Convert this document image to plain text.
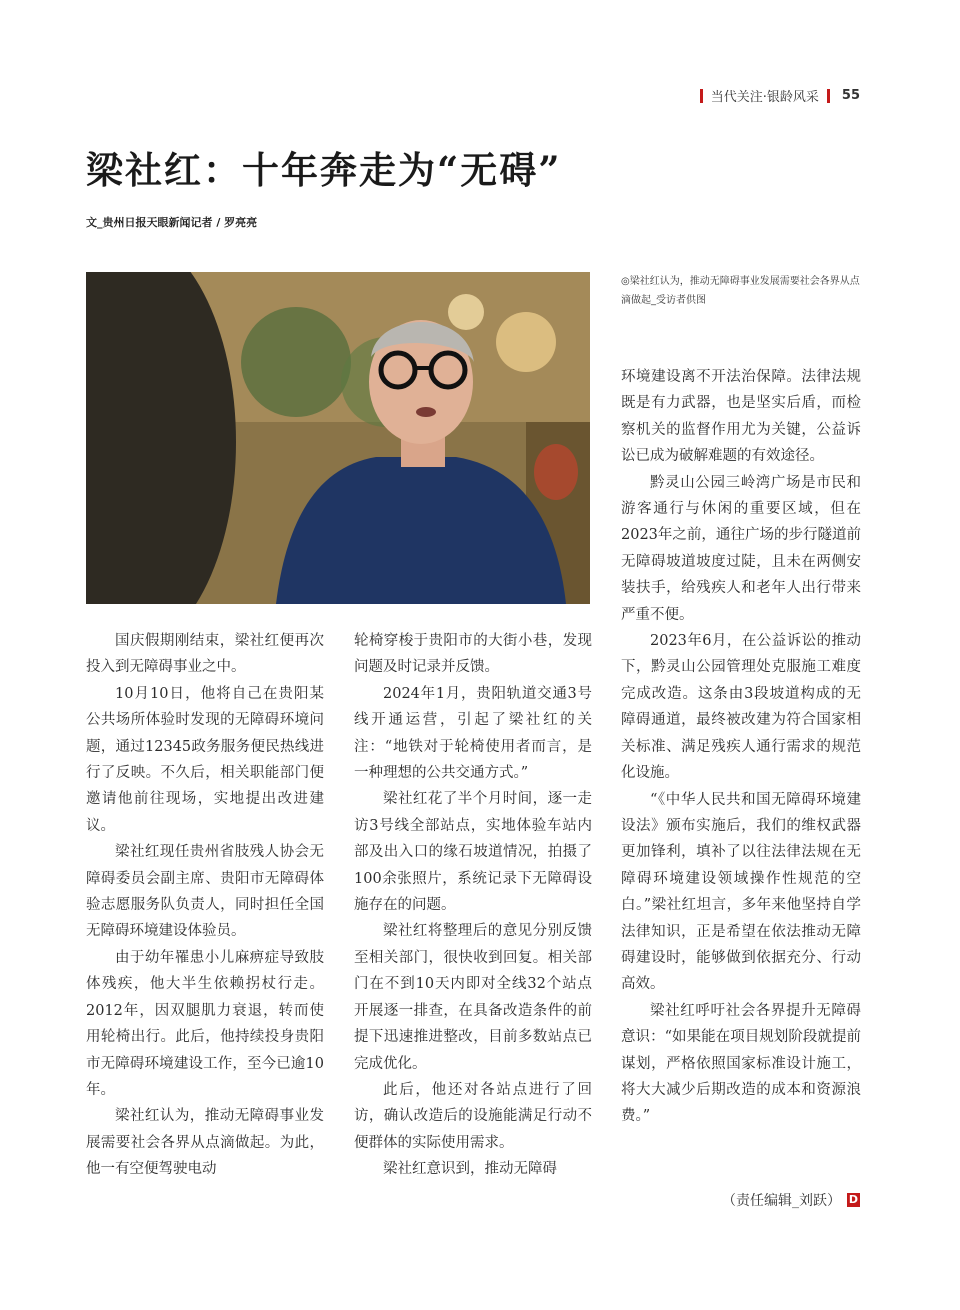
当代关注·银龄风采 55
梁社红：十年奔走为“无碍”
文_贵州日报天眼新闻记者 / 罗亮亮
◎梁社红认为，推动无障碍事业发展需要社会各界从点滴做起_受访者供图

国庆假期刚结束，梁社红便再次投入到无障碍事业之中。

10月10日，他将自己在贵阳某公共场所体验时发现的无障碍环境问题，通过12345政务服务便民热线进行了反映。不久后，相关职能部门便邀请他前往现场，实地提出改进建议。

梁社红现任贵州省肢残人协会无障碍委员会副主席、贵阳市无障碍体验志愿服务队负责人，同时担任全国无障碍环境建设体验员。

由于幼年罹患小儿麻痹症导致肢体残疾，他大半生依赖拐杖行走。2012年，因双腿肌力衰退，转而使用轮椅出行。此后，他持续投身贵阳市无障碍环境建设工作，至今已逾10年。

梁社红认为，推动无障碍事业发展需要社会各界从点滴做起。为此，他一有空便驾驶电动

轮椅穿梭于贵阳市的大街小巷，发现问题及时记录并反馈。

2024年1月，贵阳轨道交通3号线开通运营，引起了梁社红的关注：“地铁对于轮椅使用者而言，是一种理想的公共交通方式。”

梁社红花了半个月时间，逐一走访3号线全部站点，实地体验车站内部及出入口的缘石坡道情况，拍摄了100余张照片，系统记录下无障碍设施存在的问题。

梁社红将整理后的意见分别反馈至相关部门，很快收到回复。相关部门在不到10天内即对全线32个站点开展逐一排查，在具备改造条件的前提下迅速推进整改，目前多数站点已完成优化。

此后，他还对各站点进行了回访，确认改造后的设施能满足行动不便群体的实际使用需求。

梁社红意识到，推动无障碍

环境建设离不开法治保障。法律法规既是有力武器，也是坚实后盾，而检察机关的监督作用尤为关键，公益诉讼已成为破解难题的有效途径。

黔灵山公园三岭湾广场是市民和游客通行与休闲的重要区域，但在2023年之前，通往广场的步行隧道前无障碍坡道坡度过陡，且未在两侧安装扶手，给残疾人和老年人出行带来严重不便。

2023年6月，在公益诉讼的推动下，黔灵山公园管理处克服施工难度完成改造。这条由3段坡道构成的无障碍通道，最终被改建为符合国家相关标准、满足残疾人通行需求的规范化设施。

“《中华人民共和国无障碍环境建设法》颁布实施后，我们的维权武器更加锋利，填补了以往法律法规在无障碍环境建设领域操作性规范的空白。”梁社红坦言，多年来他坚持自学法律知识，正是希望在依法推动无障碍建设时，能够做到依据充分、行动高效。

梁社红呼吁社会各界提升无障碍意识：“如果能在项目规划阶段就提前谋划，严格依照国家标准设计施工，将大大减少后期改造的成本和资源浪费。”

（责任编辑_刘跃） D
